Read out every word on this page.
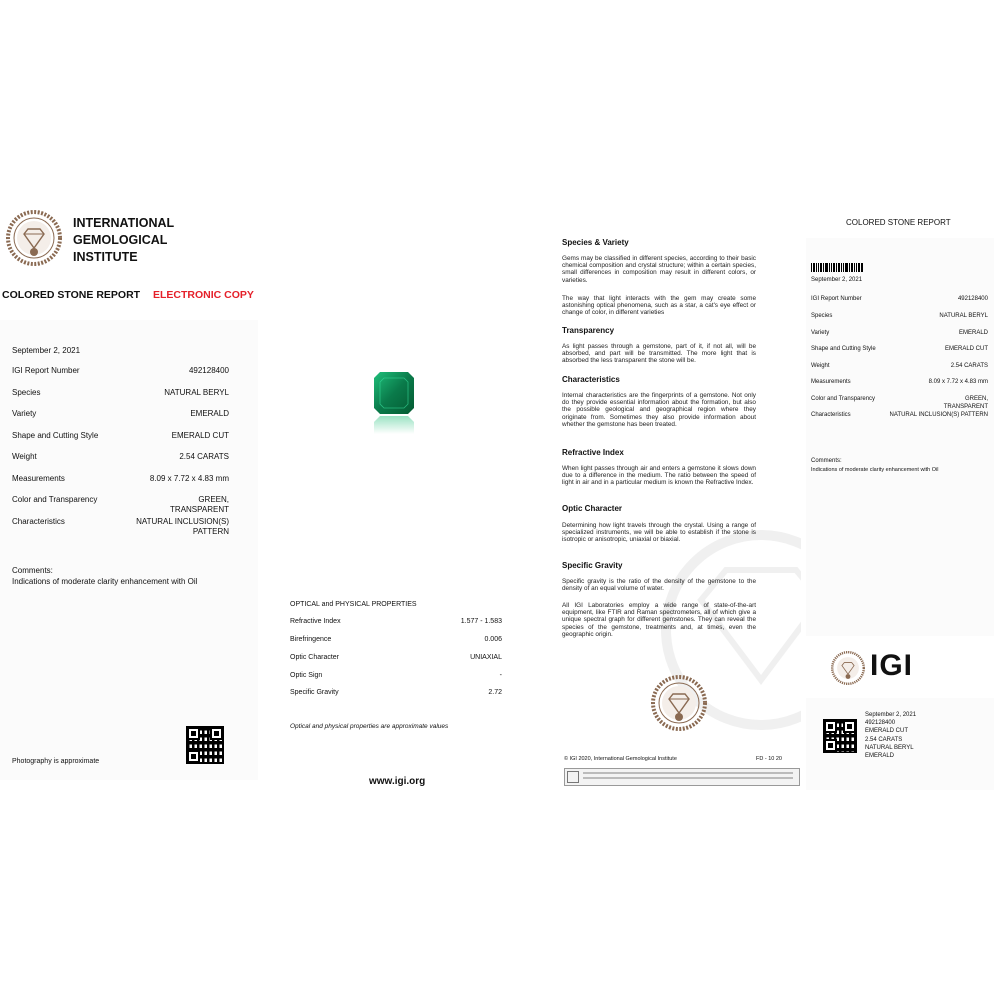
INTERNATIONAL
GEMOLOGICAL
INSTITUTE
COLORED STONE REPORT ELECTRONIC COPY
September 2, 2021
IGI Report Number	492128400
Species	NATURAL BERYL
Variety	EMERALD
Shape and Cutting Style	EMERALD CUT
Weight	2.54 CARATS
Measurements	8.09 x 7.72 x 4.83 mm
Color and Transparency	GREEN, TRANSPARENT
Characteristics	NATURAL INCLUSION(S) PATTERN
Comments:
Indications of moderate clarity enhancement with Oil
Photography is approximate
OPTICAL and PHYSICAL PROPERTIES
Refractive Index	1.577 - 1.583
Birefringence	0.006
Optic Character	UNIAXIAL
Optic Sign	-
Specific Gravity	2.72
Optical and physical properties are approximate values
www.igi.org
Species & Variety
Gems may be classified in different species, according to their basic chemical composition and crystal structure; within a certain species, small differences in composition may result in different colors, or varieties.
The way that light interacts with the gem may create some astonishing optical phenomena, such as a star, a cat's eye effect or change of color, in different varieties
Transparency
As light passes through a gemstone, part of it, if not all, will be absorbed, and part will be transmitted. The more light that is absorbed the less transparent the stone will be.
Characteristics
Internal characteristics are the fingerprints of a gemstone. Not only do they provide essential information about the formation, but also the possible geological and geographical region where they originate from. Sometimes they also provide information about whether the gemstone has been treated.
Refractive Index
When light passes through air and enters a gemstone it slows down due to a difference in the medium. The ratio between the speed of light in air and in a particular medium is known the Refractive Index.
Optic Character
Determining how light travels through the crystal. Using a range of specialized instruments, we will be able to establish if the stone is isotropic or anisotropic, uniaxial or biaxial.
Specific Gravity
Specific gravity is the ratio of the density of the gemstone to the density of an equal volume of water.
All IGI Laboratories employ a wide range of state-of-the-art equipment, like FTIR and Raman spectrometers, all of which give a unique spectral graph for different gemstones. They can reveal the species of the gemstone, treatments and, at times, even the geographic origin.
© IGI 2020, International Gemological Institute	FD - 10 20
COLORED STONE REPORT
September 2, 2021
IGI Report Number	492128400
Species	NATURAL BERYL
Variety	EMERALD
Shape and Cutting Style	EMERALD CUT
Weight	2.54 CARATS
Measurements	8.09 x 7.72 x 4.83 mm
Color and Transparency	GREEN, TRANSPARENT
Characteristics	NATURAL INCLUSION(S) PATTERN
Comments:
Indications of moderate clarity enhancement with Oil
IGI
September 2, 2021
492128400
EMERALD CUT
2.54 CARATS
NATURAL BERYL
EMERALD
